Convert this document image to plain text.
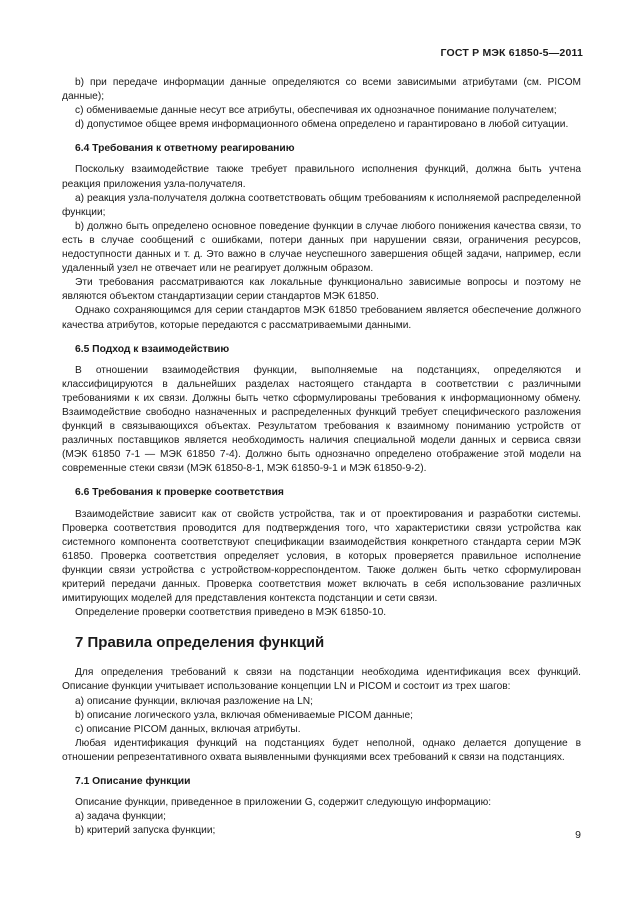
ГОСТ Р МЭК 61850-5—2011

b) при передаче информации данные определяются со всеми зависимыми атрибутами (см. PICOM данные);

c) обмениваемые данные несут все атрибуты, обеспечивая их однозначное понимание получателем;

d) допустимое общее время информационного обмена определено и гарантировано в любой ситуации.

6.4 Требования к ответному реагированию

Поскольку взаимодействие также требует правильного исполнения функций, должна быть учтена реакция приложения узла-получателя.

а) реакция узла-получателя должна соответствовать общим требованиям к исполняемой распределенной функции;

b) должно быть определено основное поведение функции в случае любого понижения качества связи, то есть в случае сообщений с ошибками, потери данных при нарушении связи, ограничения ресурсов, недоступности данных и т. д. Это важно в случае неуспешного завершения общей задачи, например, если удаленный узел не отвечает или не реагирует должным образом.

Эти требования рассматриваются как локальные функционально зависимые вопросы и поэтому не являются объектом стандартизации серии стандартов МЭК 61850.

Однако сохраняющимся для серии стандартов МЭК 61850 требованием является обеспечение должного качества атрибутов, которые передаются с рассматриваемыми данными.

6.5 Подход к взаимодействию

В отношении взаимодействия функции, выполняемые на подстанциях, определяются и классифицируются в дальнейших разделах настоящего стандарта в соответствии с различными требованиями к их связи. Должны быть четко сформулированы требования к информационному обмену. Взаимодействие свободно назначенных и распределенных функций требует специфического разложения функций в связывающихся объектах. Результатом требования к взаимному пониманию устройств от различных поставщиков является необходимость наличия специальной модели данных и сервиса связи (МЭК 61850 7-1 — МЭК 61850 7-4). Должно быть однозначно определено отображение этой модели на современные стеки связи (МЭК 61850-8-1, МЭК 61850-9-1 и МЭК 61850-9-2).

6.6 Требования к проверке соответствия

Взаимодействие зависит как от свойств устройства, так и от проектирования и разработки системы. Проверка соответствия проводится для подтверждения того, что характеристики связи устройства как системного компонента соответствуют спецификации взаимодействия конкретного стандарта серии МЭК 61850. Проверка соответствия определяет условия, в которых проверяется правильное исполнение функции связи устройства с устройством-корреспондентом. Также должен быть четко сформулирован критерий передачи данных. Проверка соответствия может включать в себя использование различных имитирующих моделей для представления контекста подстанции и сети связи.

Определение проверки соответствия приведено в МЭК 61850-10.

7 Правила определения функций

Для определения требований к связи на подстанции необходима идентификация всех функций. Описание функции учитывает использование концепции LN и PICOM и состоит из трех шагов:

а) описание функции, включая разложение на LN;

b) описание логического узла, включая обмениваемые PICOM данные;

c) описание PICOM данных, включая атрибуты.

Любая идентификация функций на подстанциях будет неполной, однако делается допущение в отношении репрезентативного охвата выявленными функциями всех требований к связи на подстанциях.

7.1 Описание функции

Описание функции, приведенное в приложении G, содержит следующую информацию:

а) задача функции;

b) критерий запуска функции;	9
